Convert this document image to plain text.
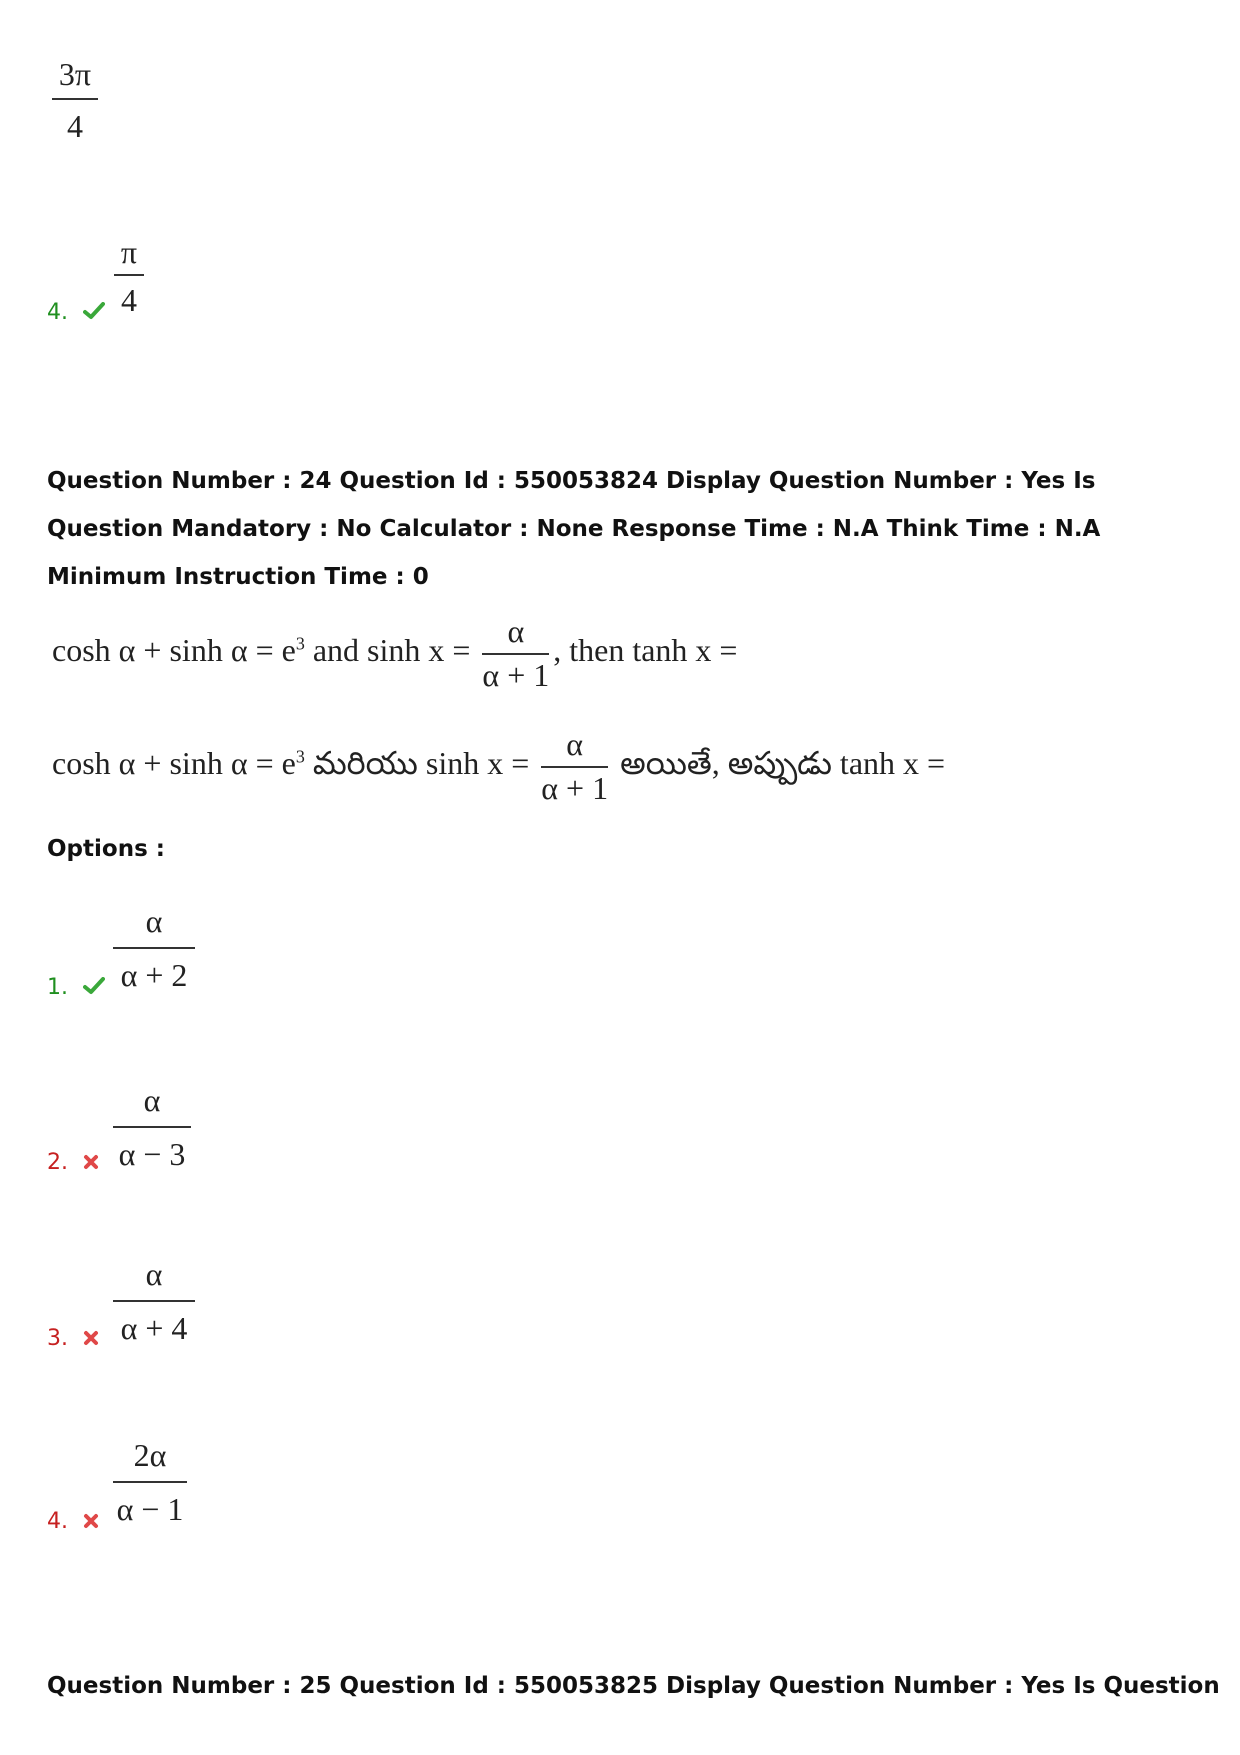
3π
4
4.
π
4
Question Number : 24 Question Id : 550053824 Display Question Number : Yes Is Question Mandatory : No Calculator : None Response Time : N.A Think Time : N.A Minimum Instruction Time : 0
$\cosh \alpha + \sinh \alpha = e^3$ and $\sinh x = \frac{\alpha}{\alpha + 1}$ , then tanh x =
$\cosh \alpha + \sinh \alpha = e^3$ మరియు $\sinh x = \frac{\alpha}{\alpha + 1}$ అయితే, అప్పుడు tanh x =
Options :
1.
α
α + 2
2.
α
α − 3
3.
α
α + 4
4.
2α
α − 1
Question Number : 25 Question Id : 550053825 Display Question Number : Yes Is Question
